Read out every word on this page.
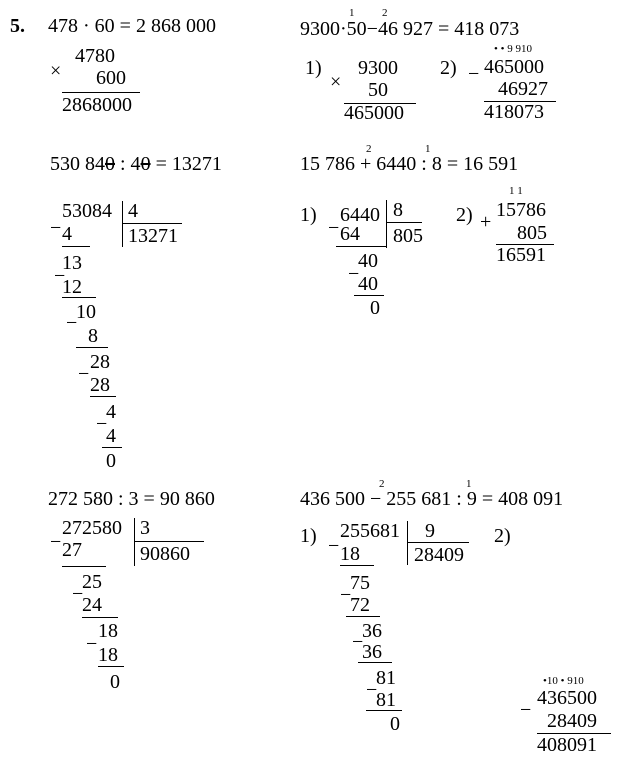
5. 478 · 60 = 2 868 000
4780
× 600
2868000
1	2
9300·50−46 927 = 418 073
1)
×
9300
50
465000
2)
• • 9 910
− 465000
46927
418073
530 840 : 40 = 13271
−
53084 4
13271
4
13
−
12
10
−
8
28
− 28
4
−
4
0
2	1
15 786 + 6440 : 8 = 16 591
1)
−
6440 8
805
64
40
−
40
0
2)
1 1
+
15786
805
16591
272 580 : 3 = 90 860
−
272580 3
90860
27
25
−
24
18
− 18
0
2	1
436 500 − 255 681 : 9 = 408 091
1) −
255681 9
28409
18
75
−
72
36
−
36
81
−
81
0
2)
•10 • 910
−
436500
28409
408091
